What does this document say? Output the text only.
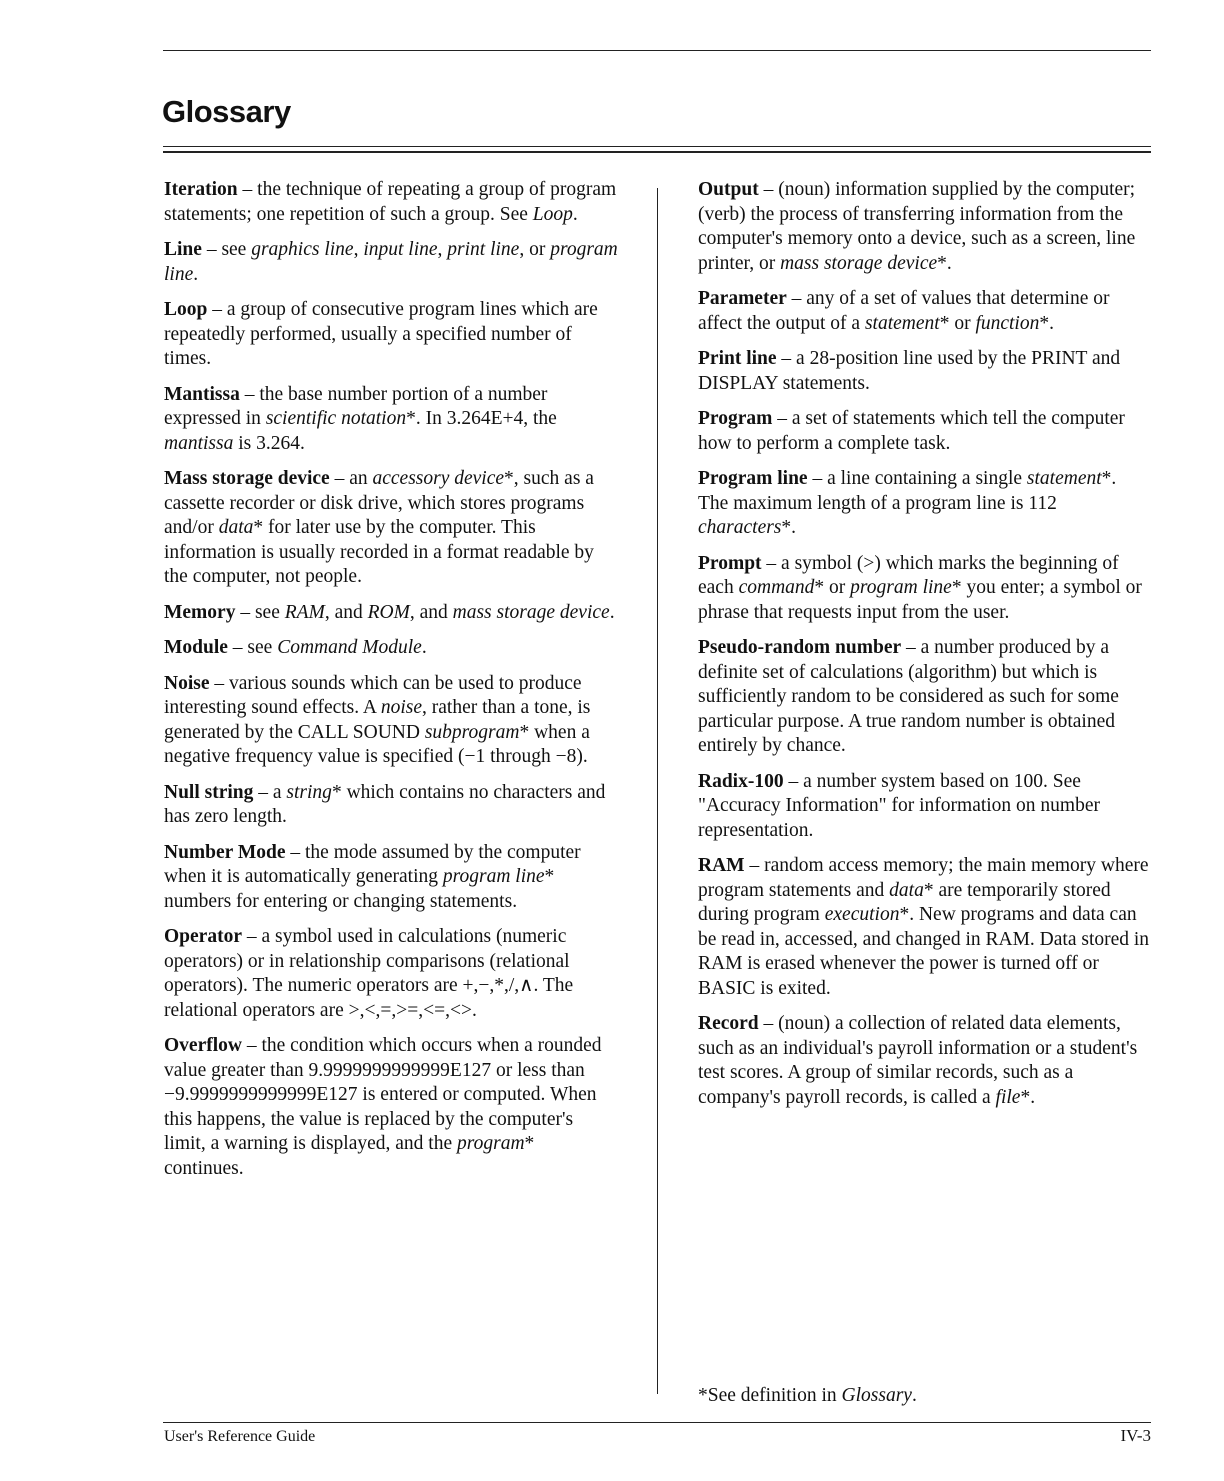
Glossary

Iteration – the technique of repeating a group of program statements; one repetition of such a group. See Loop.

Line – see graphics line, input line, print line, or program line.

Loop – a group of consecutive program lines which are repeatedly performed, usually a specified number of times.

Mantissa – the base number portion of a number expressed in scientific notation*. In 3.264E+4, the mantissa is 3.264.

Mass storage device – an accessory device*, such as a cassette recorder or disk drive, which stores programs and/or data* for later use by the computer. This information is usually recorded in a format readable by the computer, not people.

Memory – see RAM, and ROM, and mass storage device.

Module – see Command Module.

Noise – various sounds which can be used to produce interesting sound effects. A noise, rather than a tone, is generated by the CALL SOUND subprogram* when a negative frequency value is specified (−1 through −8).

Null string – a string* which contains no characters and has zero length.

Number Mode – the mode assumed by the computer when it is automatically generating program line* numbers for entering or changing statements.

Operator – a symbol used in calculations (numeric operators) or in relationship comparisons (relational operators). The numeric operators are +,−,*,/,∧. The relational operators are >,<,=,>=,<=,<>.

Overflow – the condition which occurs when a rounded value greater than 9.9999999999999E127 or less than −9.9999999999999E127 is entered or computed. When this happens, the value is replaced by the computer's limit, a warning is displayed, and the program* continues.

Output – (noun) information supplied by the computer; (verb) the process of transferring information from the computer's memory onto a device, such as a screen, line printer, or mass storage device*.

Parameter – any of a set of values that determine or affect the output of a statement* or function*.

Print line – a 28-position line used by the PRINT and DISPLAY statements.

Program – a set of statements which tell the computer how to perform a complete task.

Program line – a line containing a single statement*. The maximum length of a program line is 112 characters*.

Prompt – a symbol (>) which marks the beginning of each command* or program line* you enter; a symbol or phrase that requests input from the user.

Pseudo-random number – a number produced by a definite set of calculations (algorithm) but which is sufficiently random to be considered as such for some particular purpose. A true random number is obtained entirely by chance.

Radix-100 – a number system based on 100. See "Accuracy Information" for information on number representation.

RAM – random access memory; the main memory where program statements and data* are temporarily stored during program execution*. New programs and data can be read in, accessed, and changed in RAM. Data stored in RAM is erased whenever the power is turned off or BASIC is exited.

Record – (noun) a collection of related data elements, such as an individual's payroll information or a student's test scores. A group of similar records, such as a company's payroll records, is called a file*.

*See definition in Glossary.
User's Reference Guide	IV-3
